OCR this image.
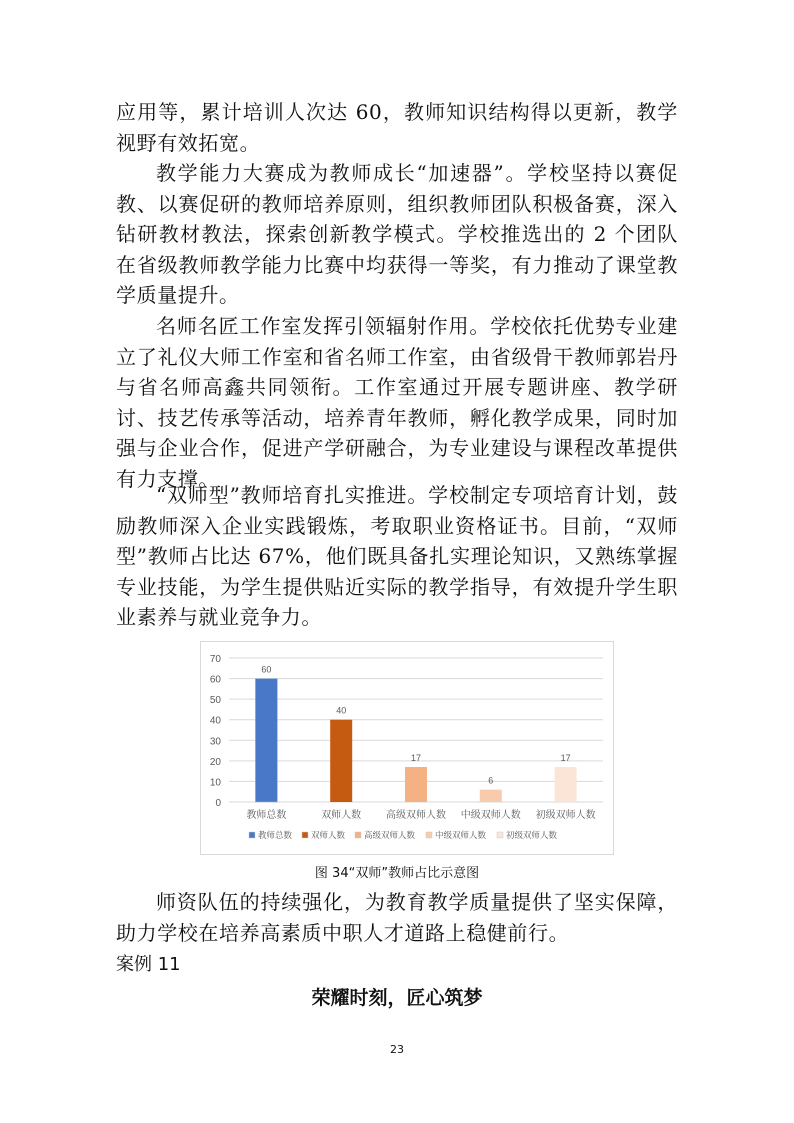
应用等，累计培训人次达 60，教师知识结构得以更新，教学视野有效拓宽。

教学能力大赛成为教师成长“加速器”。学校坚持以赛促教、以赛促研的教师培养原则，组织教师团队积极备赛，深入钻研教材教法，探索创新教学模式。学校推选出的 2 个团队在省级教师教学能力比赛中均获得一等奖，有力推动了课堂教学质量提升。

名师名匠工作室发挥引领辐射作用。学校依托优势专业建立了礼仪大师工作室和省名师工作室，由省级骨干教师郭岩丹与省名师高鑫共同领衔。工作室通过开展专题讲座、教学研讨、技艺传承等活动，培养青年教师，孵化教学成果，同时加强与企业合作，促进产学研融合，为专业建设与课程改革提供有力支撑。

“双师型”教师培育扎实推进。学校制定专项培育计划，鼓励教师深入企业实践锻炼，考取职业资格证书。目前，“双师型”教师占比达 67%，他们既具备扎实理论知识，又熟练掌握专业技能，为学生提供贴近实际的教学指导，有效提升学生职业素养与就业竞争力。

0
10
20
30
40
50
60
70
60
教师总数
40
双师人数
17
高级双师人数
6
中级双师人数
17
初级双师人数
教师总数 双师人数 高级双师人数 中级双师人数 初级双师人数
图 34“双师”教师占比示意图

师资队伍的持续强化，为教育教学质量提供了坚实保障，助力学校在培养高素质中职人才道路上稳健前行。

案例 11
荣耀时刻，匠心筑梦
23
